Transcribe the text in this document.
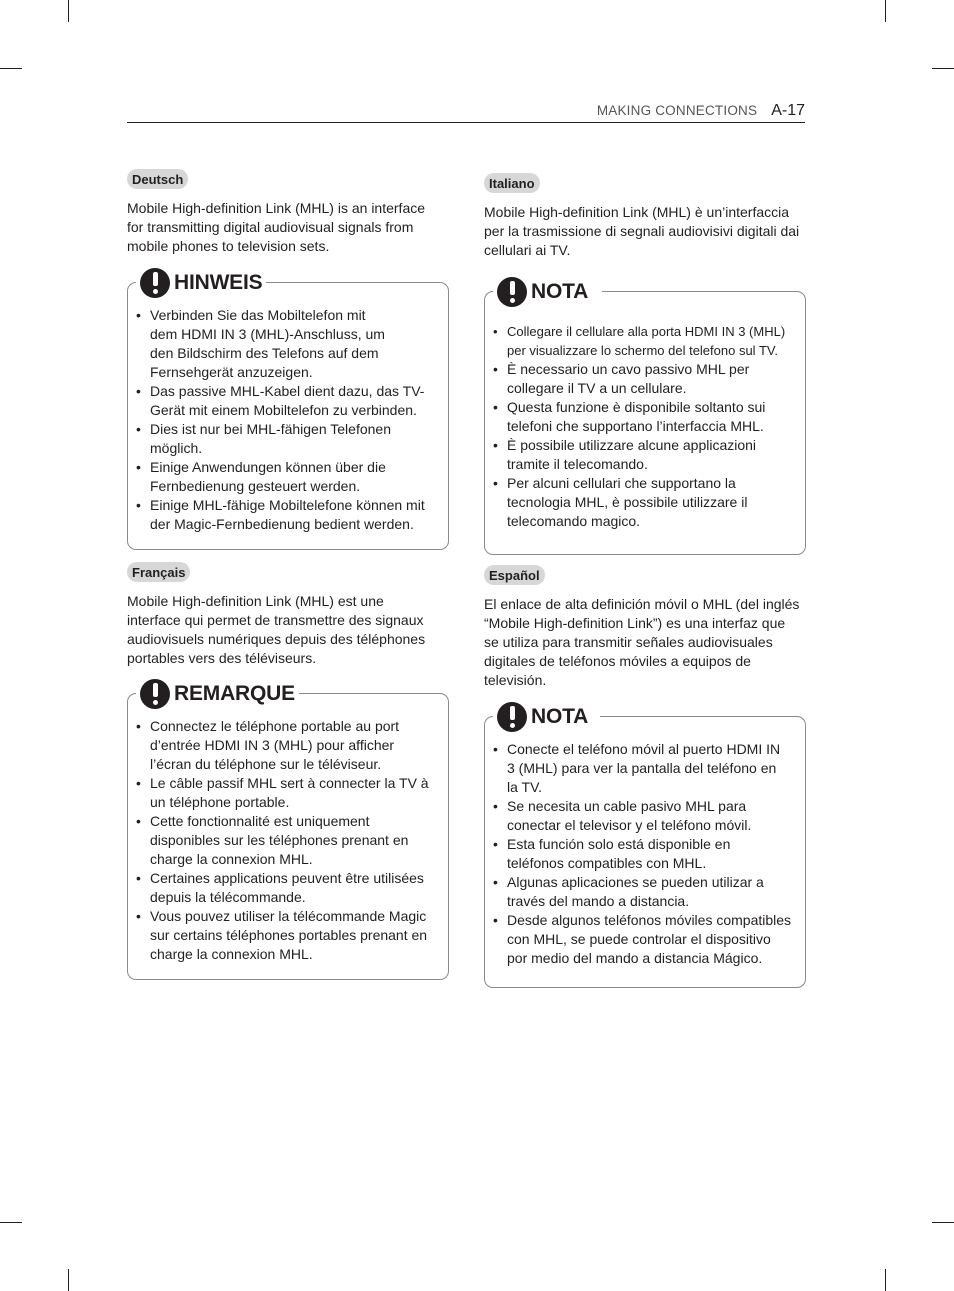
MAKING CONNECTIONS A-17
Deutsch

Mobile High-definition Link (MHL) is an interface
for transmitting digital audiovisual signals from
mobile phones to television sets.

HINWEIS
• Verbinden Sie das Mobiltelefon mit
dem HDMI IN 3 (MHL)-Anschluss, um
den Bildschirm des Telefons auf dem
Fernsehgerät anzuzeigen.
• Das passive MHL-Kabel dient dazu, das TV-
Gerät mit einem Mobiltelefon zu verbinden.
• Dies ist nur bei MHL-fähigen Telefonen
möglich.
• Einige Anwendungen können über die
Fernbedienung gesteuert werden.
• Einige MHL-fähige Mobiltelefone können mit
der Magic-Fernbedienung bedient werden.
Français

Mobile High-definition Link (MHL) est une
interface qui permet de transmettre des signaux
audiovisuels numériques depuis des téléphones
portables vers des téléviseurs.

REMARQUE
• Connectez le téléphone portable au port
d’entrée HDMI IN 3 (MHL) pour afficher
l’écran du téléphone sur le téléviseur.
• Le câble passif MHL sert à connecter la TV à
un téléphone portable.
• Cette fonctionnalité est uniquement
disponibles sur les téléphones prenant en
charge la connexion MHL.
• Certaines applications peuvent être utilisées
depuis la télécommande.
• Vous pouvez utiliser la télécommande Magic
sur certains téléphones portables prenant en
charge la connexion MHL.
Italiano

Mobile High-definition Link (MHL) è un’interfaccia
per la trasmissione di segnali audiovisivi digitali dai
cellulari ai TV.

NOTA
• Collegare il cellulare alla porta HDMI IN 3 (MHL)
per visualizzare lo schermo del telefono sul TV.
• È necessario un cavo passivo MHL per
collegare il TV a un cellulare.
• Questa funzione è disponibile soltanto sui
telefoni che supportano l’interfaccia MHL.
• È possibile utilizzare alcune applicazioni
tramite il telecomando.
• Per alcuni cellulari che supportano la
tecnologia MHL, è possibile utilizzare il
telecomando magico.
Español

El enlace de alta definición móvil o MHL (del inglés
“Mobile High-definition Link”) es una interfaz que
se utiliza para transmitir señales audiovisuales
digitales de teléfonos móviles a equipos de
televisión.

NOTA
• Conecte el teléfono móvil al puerto HDMI IN
3 (MHL) para ver la pantalla del teléfono en
la TV.
• Se necesita un cable pasivo MHL para
conectar el televisor y el teléfono móvil.
• Esta función solo está disponible en
teléfonos compatibles con MHL.
• Algunas aplicaciones se pueden utilizar a
través del mando a distancia.
• Desde algunos teléfonos móviles compatibles
con MHL, se puede controlar el dispositivo
por medio del mando a distancia Mágico.
